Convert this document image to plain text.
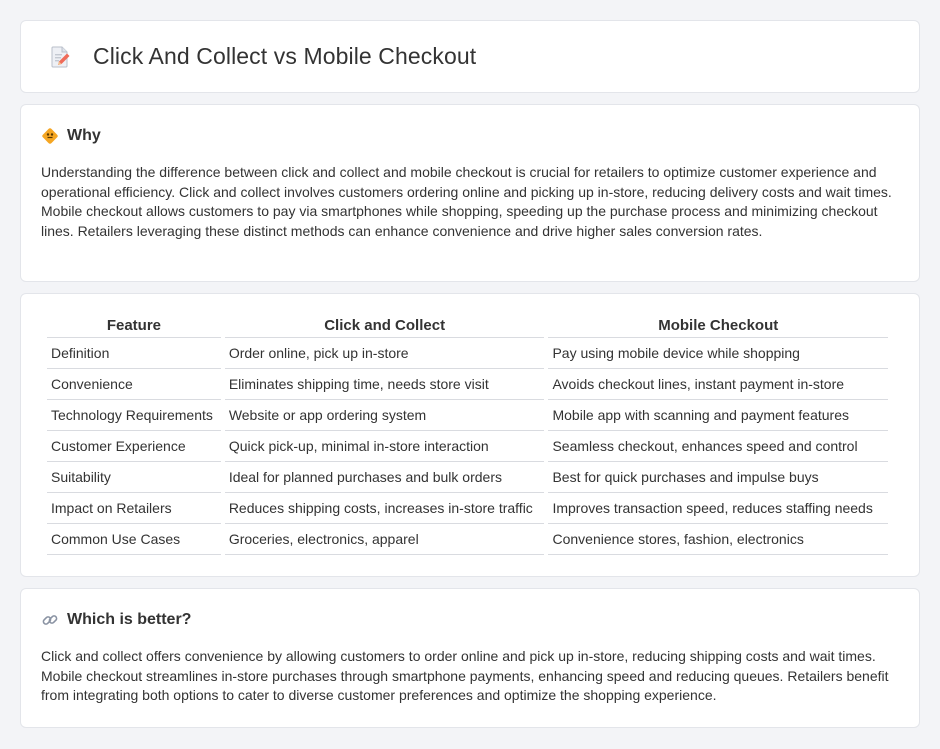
Click And Collect vs Mobile Checkout
Why

Understanding the difference between click and collect and mobile checkout is crucial for retailers to optimize customer experience and operational efficiency. Click and collect involves customers ordering online and picking up in-store, reducing delivery costs and wait times. Mobile checkout allows customers to pay via smartphones while shopping, speeding up the purchase process and minimizing checkout lines. Retailers leveraging these distinct methods can enhance convenience and drive higher sales conversion rates.

Feature	Click and Collect	Mobile Checkout
Definition	Order online, pick up in-store	Pay using mobile device while shopping
Convenience	Eliminates shipping time, needs store visit	Avoids checkout lines, instant payment in-store
Technology Requirements	Website or app ordering system	Mobile app with scanning and payment features
Customer Experience	Quick pick-up, minimal in-store interaction	Seamless checkout, enhances speed and control
Suitability	Ideal for planned purchases and bulk orders	Best for quick purchases and impulse buys
Impact on Retailers	Reduces shipping costs, increases in-store traffic	Improves transaction speed, reduces staffing needs
Common Use Cases	Groceries, electronics, apparel	Convenience stores, fashion, electronics
Which is better?

Click and collect offers convenience by allowing customers to order online and pick up in-store, reducing shipping costs and wait times. Mobile checkout streamlines in-store purchases through smartphone payments, enhancing speed and reducing queues. Retailers benefit from integrating both options to cater to diverse customer preferences and optimize the shopping experience.
